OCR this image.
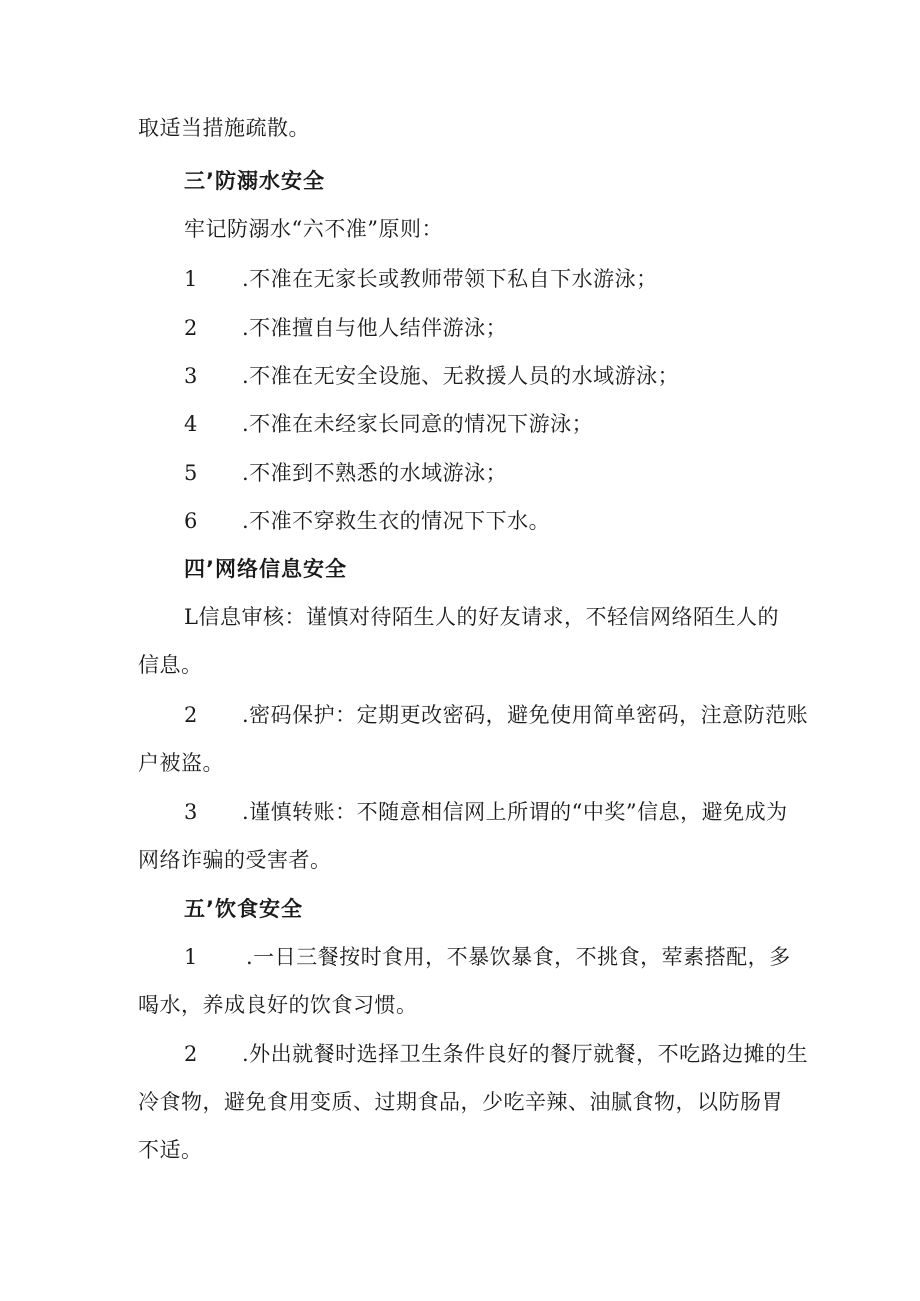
取适当措施疏散。
三’防溺水安全
牢记防溺水“六不准”原则：
1 .不准在无家长或教师带领下私自下水游泳；
2 .不准擅自与他人结伴游泳；
3 .不准在无安全设施、无救援人员的水域游泳；
4 .不准在未经家长同意的情况下游泳；
5 .不准到不熟悉的水域游泳；
6 .不准不穿救生衣的情况下下水。
四’网络信息安全
L信息审核：谨慎对待陌生人的好友请求，不轻信网络陌生人的
信息。
2 .密码保护：定期更改密码，避免使用简单密码，注意防范账
户被盗。
3 .谨慎转账：不随意相信网上所谓的“中奖”信息，避免成为
网络诈骗的受害者。
五’饮食安全
1 .一日三餐按时食用，不暴饮暴食，不挑食，荤素搭配，多
喝水，养成良好的饮食习惯。
2 .外出就餐时选择卫生条件良好的餐厅就餐，不吃路边摊的生
冷食物，避免食用变质、过期食品，少吃辛辣、油腻食物，以防肠胃
不适。
